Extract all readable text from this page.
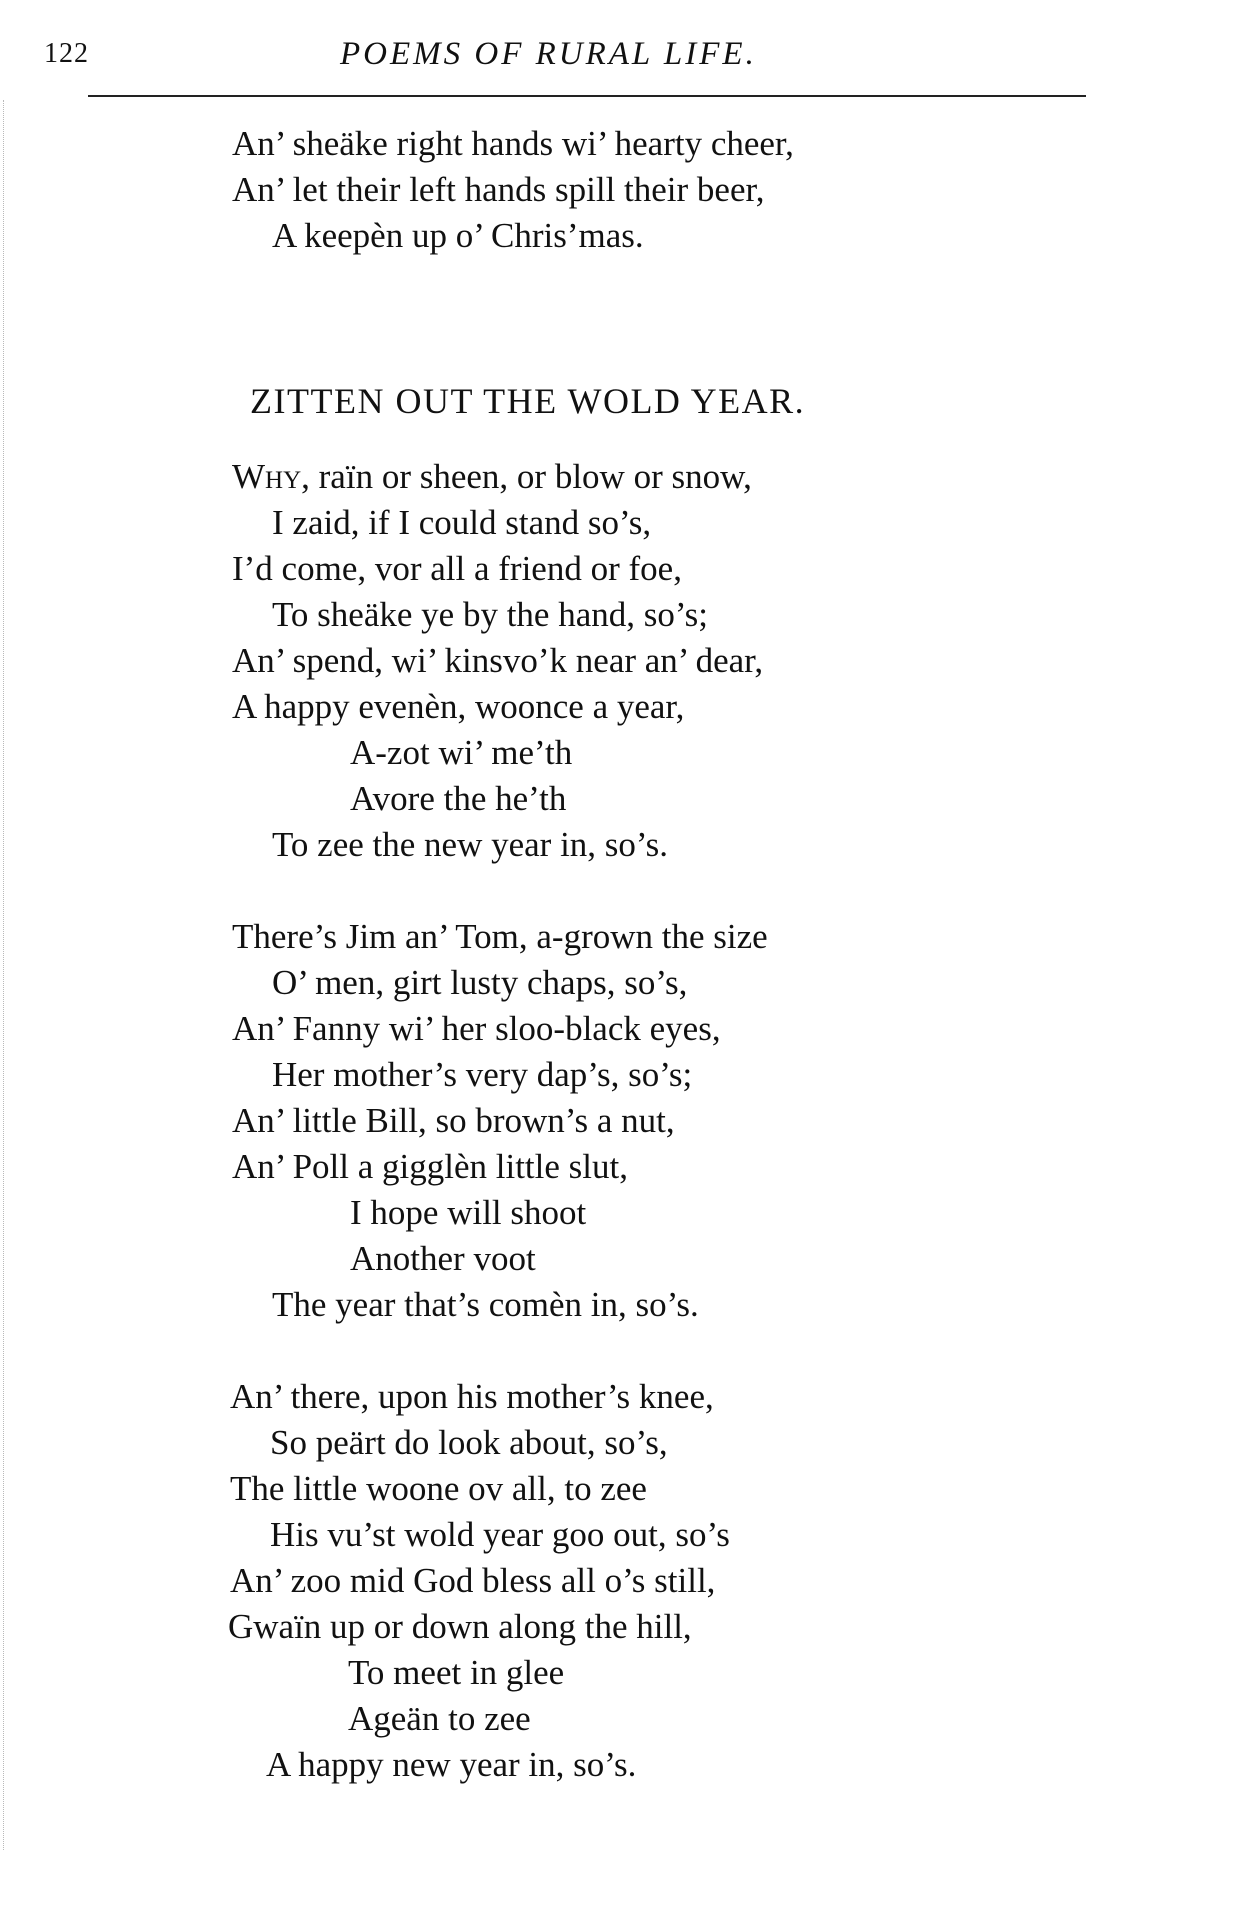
122	POEMS OF RURAL LIFE.
An’ sheäke right hands wi’ hearty cheer,
An’ let their left hands spill their beer,
A keepèn up o’ Chris’mas.
ZITTEN OUT THE WOLD YEAR.
Why, raïn or sheen, or blow or snow,
I zaid, if I could stand so’s,
I’d come, vor all a friend or foe,
To sheäke ye by the hand, so’s;
An’ spend, wi’ kinsvo’k near an’ dear,
A happy evenèn, woonce a year,
A-zot wi’ me’th
Avore the he’th
To zee the new year in, so’s.
There’s Jim an’ Tom, a-grown the size
O’ men, girt lusty chaps, so’s,
An’ Fanny wi’ her sloo-black eyes,
Her mother’s very dap’s, so’s;
An’ little Bill, so brown’s a nut,
An’ Poll a gigglèn little slut,
I hope will shoot
Another voot
The year that’s comèn in, so’s.
An’ there, upon his mother’s knee,
So peärt do look about, so’s,
The little woone ov all, to zee
His vu’st wold year goo out, so’s
An’ zoo mid God bless all o’s still,
Gwaïn up or down along the hill,
To meet in glee
Ageän to zee
A happy new year in, so’s.
